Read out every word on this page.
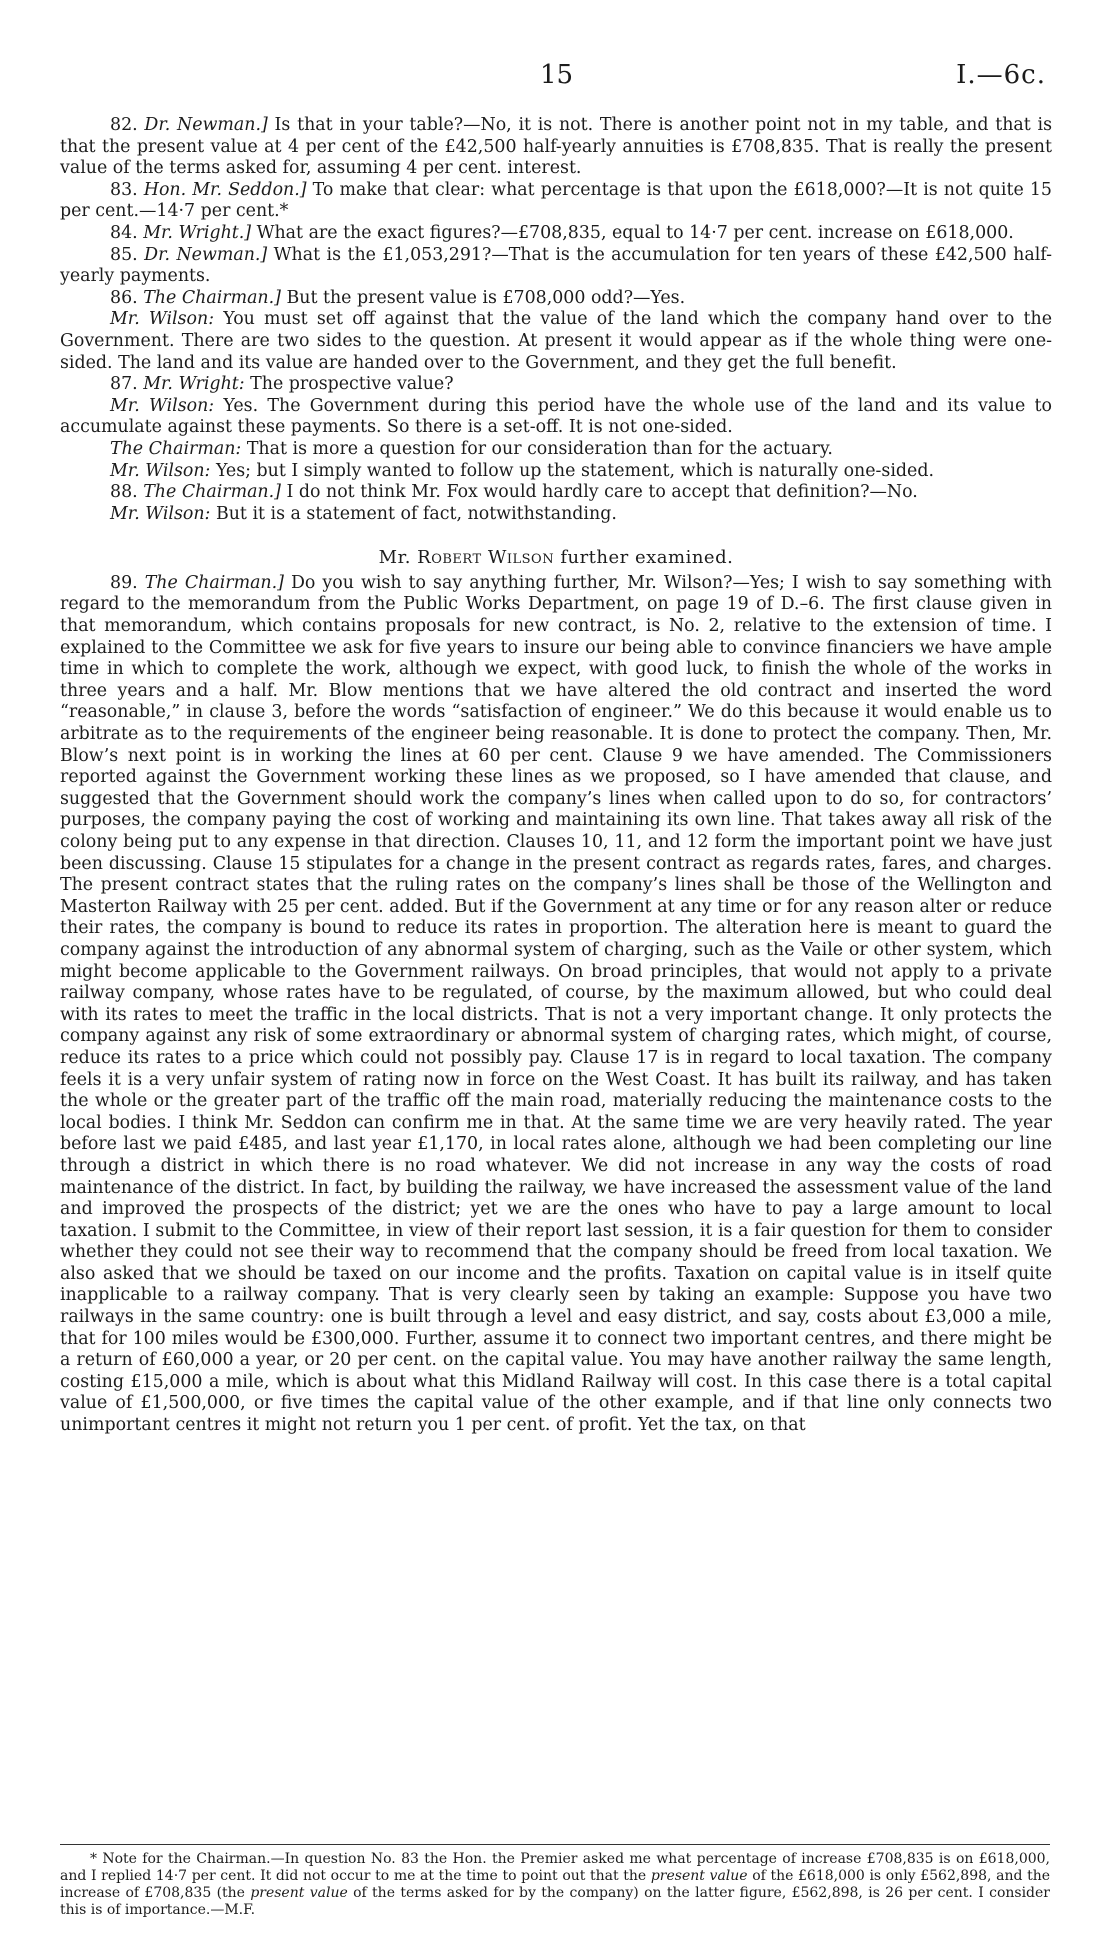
15	I.—6c.

82. Dr. Newman.] Is that in your table?—No, it is not. There is another point not in my table, and that is that the present value at 4 per cent of the £42,500 half-yearly annuities is £708,835. That is really the present value of the terms asked for, assuming 4 per cent. interest.

83. Hon. Mr. Seddon.] To make that clear: what percentage is that upon the £618,000?—It is not quite 15 per cent.—14·7 per cent.*

84. Mr. Wright.] What are the exact figures?—£708,835, equal to 14·7 per cent. increase on £618,000.

85. Dr. Newman.] What is the £1,053,291?—That is the accumulation for ten years of these £42,500 half-yearly payments.

86. The Chairman.] But the present value is £708,000 odd?—Yes.

Mr. Wilson: You must set off against that the value of the land which the company hand over to the Government. There are two sides to the question. At present it would appear as if the whole thing were one-sided. The land and its value are handed over to the Government, and they get the full benefit.

87. Mr. Wright: The prospective value?

Mr. Wilson: Yes. The Government during this period have the whole use of the land and its value to accumulate against these payments. So there is a set-off. It is not one-sided.

The Chairman: That is more a question for our consideration than for the actuary.

Mr. Wilson: Yes; but I simply wanted to follow up the statement, which is naturally one-sided.

88. The Chairman.] I do not think Mr. Fox would hardly care to accept that definition?—No.

Mr. Wilson: But it is a statement of fact, notwithstanding.

Mr. Robert Wilson further examined.

89. The Chairman.] Do you wish to say anything further, Mr. Wilson?—Yes; I wish to say something with regard to the memorandum from the Public Works Department, on page 19 of D.–6. The first clause given in that memorandum, which contains proposals for new contract, is No. 2, relative to the extension of time. I explained to the Committee we ask for five years to insure our being able to convince financiers we have ample time in which to complete the work, although we expect, with good luck, to finish the whole of the works in three years and a half. Mr. Blow mentions that we have altered the old contract and inserted the word “reasonable,” in clause 3, before the words “satisfaction of engineer.” We do this because it would enable us to arbitrate as to the requirements of the engineer being reasonable. It is done to protect the company. Then, Mr. Blow’s next point is in working the lines at 60 per cent. Clause 9 we have amended. The Commissioners reported against the Government working these lines as we proposed, so I have amended that clause, and suggested that the Government should work the company’s lines when called upon to do so, for contractors’ purposes, the company paying the cost of working and maintaining its own line. That takes away all risk of the colony being put to any expense in that direction. Clauses 10, 11, and 12 form the important point we have just been discussing. Clause 15 stipulates for a change in the present contract as regards rates, fares, and charges. The present contract states that the ruling rates on the company’s lines shall be those of the Wellington and Masterton Railway with 25 per cent. added. But if the Government at any time or for any reason alter or reduce their rates, the company is bound to reduce its rates in proportion. The alteration here is meant to guard the company against the introduction of any abnormal system of charging, such as the Vaile or other system, which might become applicable to the Government railways. On broad principles, that would not apply to a private railway company, whose rates have to be regulated, of course, by the maximum allowed, but who could deal with its rates to meet the traffic in the local districts. That is not a very important change. It only protects the company against any risk of some extraordinary or abnormal system of charging rates, which might, of course, reduce its rates to a price which could not possibly pay. Clause 17 is in regard to local taxation. The company feels it is a very unfair system of rating now in force on the West Coast. It has built its railway, and has taken the whole or the greater part of the traffic off the main road, materially reducing the maintenance costs to the local bodies. I think Mr. Seddon can confirm me in that. At the same time we are very heavily rated. The year before last we paid £485, and last year £1,170, in local rates alone, although we had been completing our line through a district in which there is no road whatever. We did not increase in any way the costs of road maintenance of the district. In fact, by building the railway, we have increased the assessment value of the land and improved the prospects of the district; yet we are the ones who have to pay a large amount to local taxation. I submit to the Committee, in view of their report last session, it is a fair question for them to consider whether they could not see their way to recommend that the company should be freed from local taxation. We also asked that we should be taxed on our income and the profits. Taxation on capital value is in itself quite inapplicable to a railway company. That is very clearly seen by taking an example: Suppose you have two railways in the same country: one is built through a level and easy district, and say, costs about £3,000 a mile, that for 100 miles would be £300,000. Further, assume it to connect two important centres, and there might be a return of £60,000 a year, or 20 per cent. on the capital value. You may have another railway the same length, costing £15,000 a mile, which is about what this Midland Railway will cost. In this case there is a total capital value of £1,500,000, or five times the capital value of the other example, and if that line only connects two unimportant centres it might not return you 1 per cent. of profit. Yet the tax, on that

* Note for the Chairman.—In question No. 83 the Hon. the Premier asked me what percentage of increase £708,835 is on £618,000, and I replied 14·7 per cent. It did not occur to me at the time to point out that the present value of the £618,000 is only £562,898, and the increase of £708,835 (the present value of the terms asked for by the company) on the latter figure, £562,898, is 26 per cent. I consider this is of importance.—M.F.
